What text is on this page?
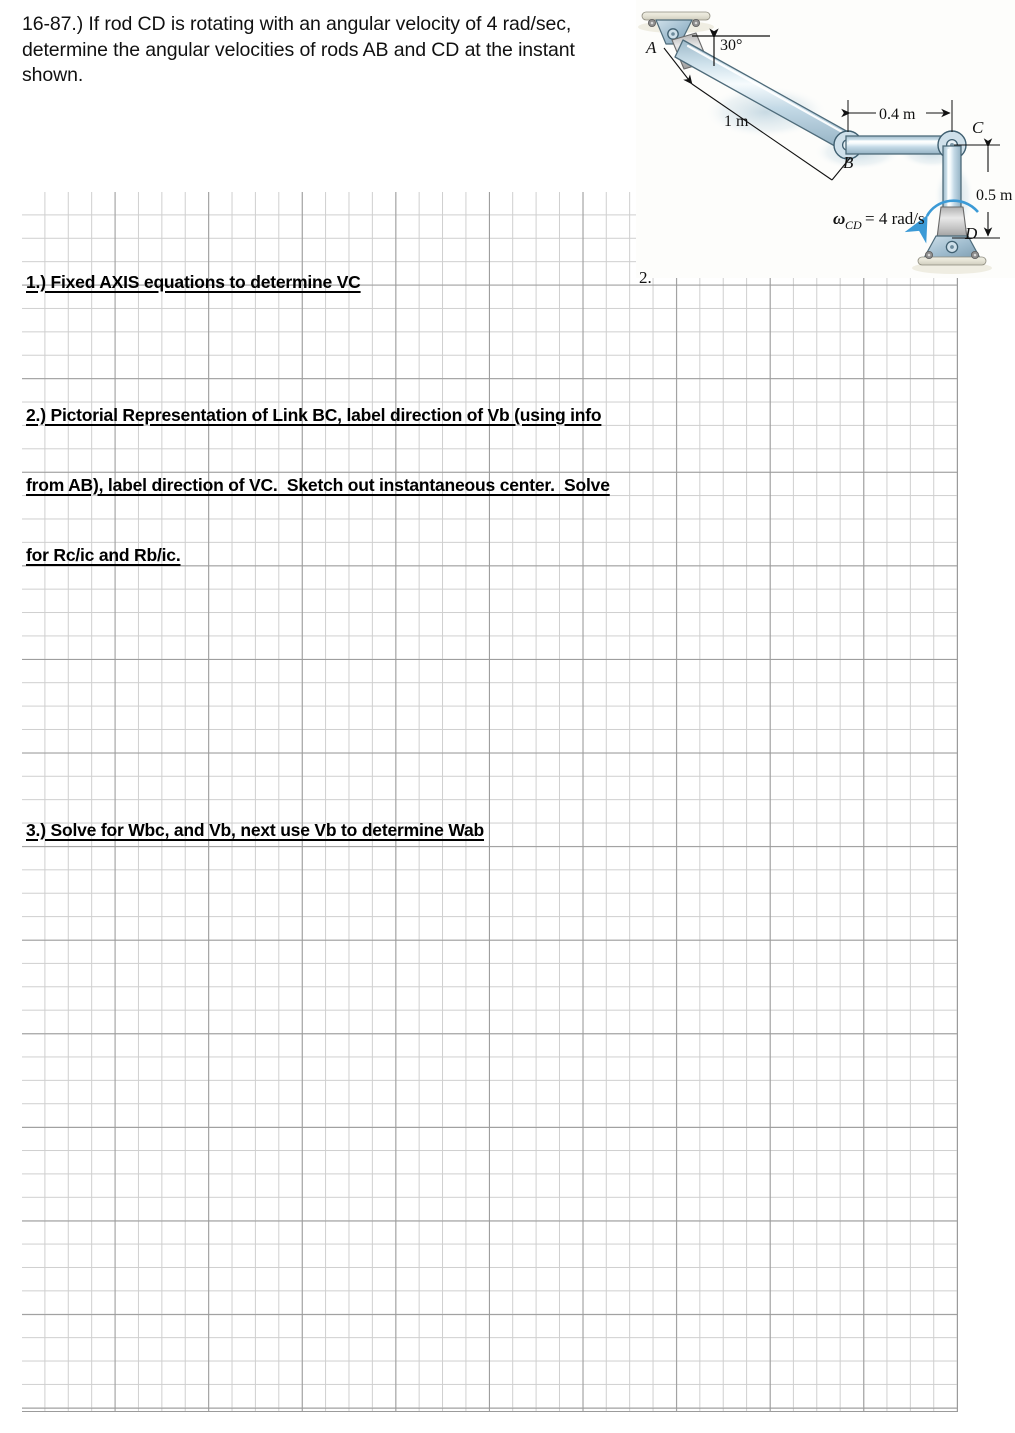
16-87.) If rod CD is rotating with an angular velocity of 4 rad/sec, determine the angular velocities of rods AB and CD at the instant shown.
2.

1.) Fixed AXIS equations to determine VC

2.) Pictorial Representation of Link BC, label direction of Vb (using info

from AB), label direction of VC.  Sketch out instantaneous center.  Solve

for Rc/ic and Rb/ic.

3.) Solve for Wbc, and Vb, next use Vb to determine Wab

30°
1 m	0.4 m
0.5 m
ω CD = 4 rad/s
A
B
C
D
